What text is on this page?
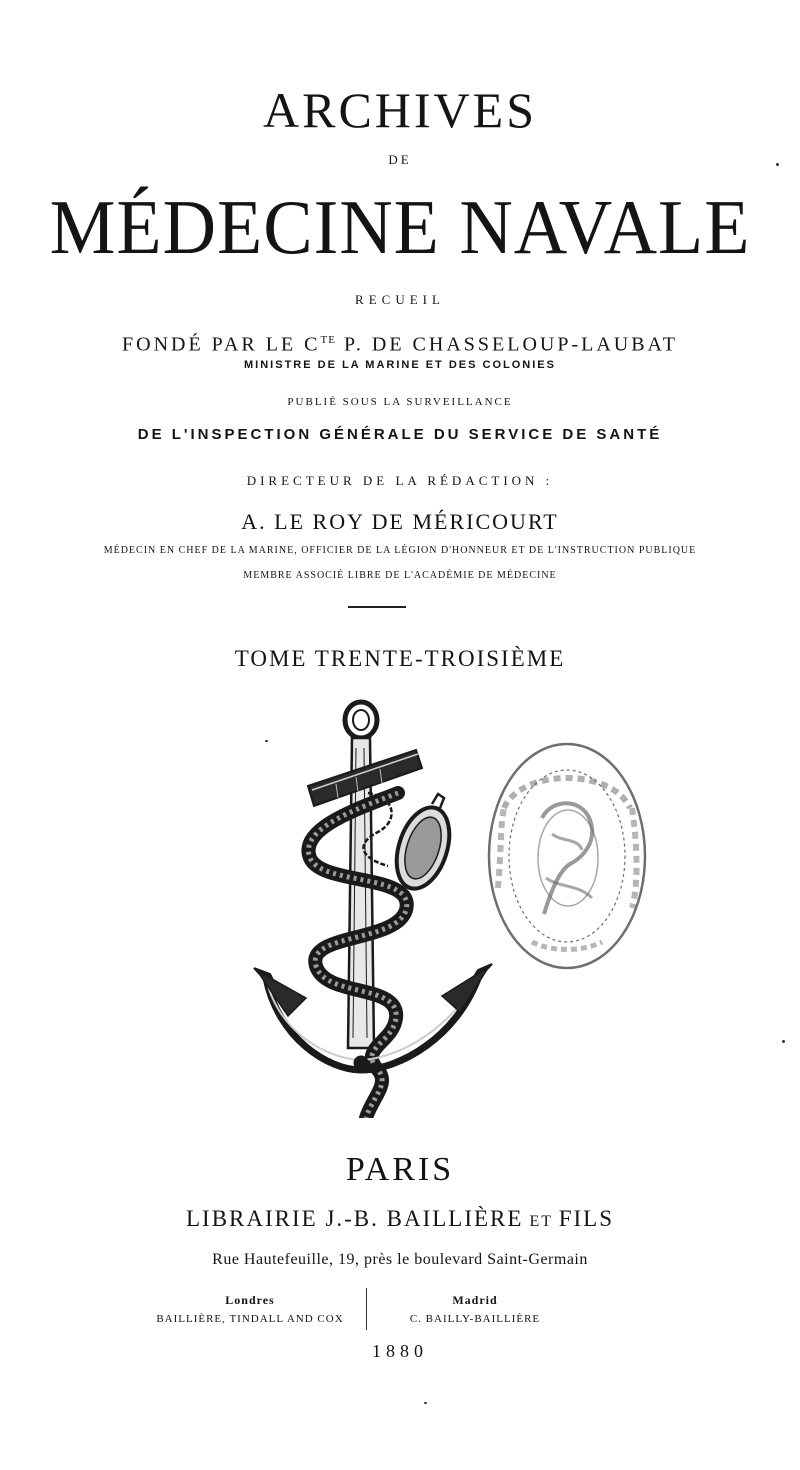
ARCHIVES
DE
MÉDECINE NAVALE
RECUEIL
FONDÉ PAR LE $C^{TE}$ P. DE CHASSELOUP-LAUBAT
MINISTRE DE LA MARINE ET DES COLONIES
PUBLIÉ SOUS LA SURVEILLANCE
DE L'INSPECTION GÉNÉRALE DU SERVICE DE SANTÉ
DIRECTEUR DE LA RÉDACTION :
A. LE ROY DE MÉRICOURT
MÉDECIN EN CHEF DE LA MARINE, OFFICIER DE LA LÉGION D'HONNEUR ET DE L'INSTRUCTION PUBLIQUE
MEMBRE ASSOCIÉ LIBRE DE L'ACADÉMIE DE MÉDECINE
TOME TRENTE-TROISIÈME
PARIS
LIBRAIRIE J.-B. BAILLIÈRE ET FILS
Rue Hautefeuille, 19, près le boulevard Saint-Germain
Londres
BAILLIÈRE, TINDALL AND COX
Madrid
C. BAILLY-BAILLIÈRE
1880
